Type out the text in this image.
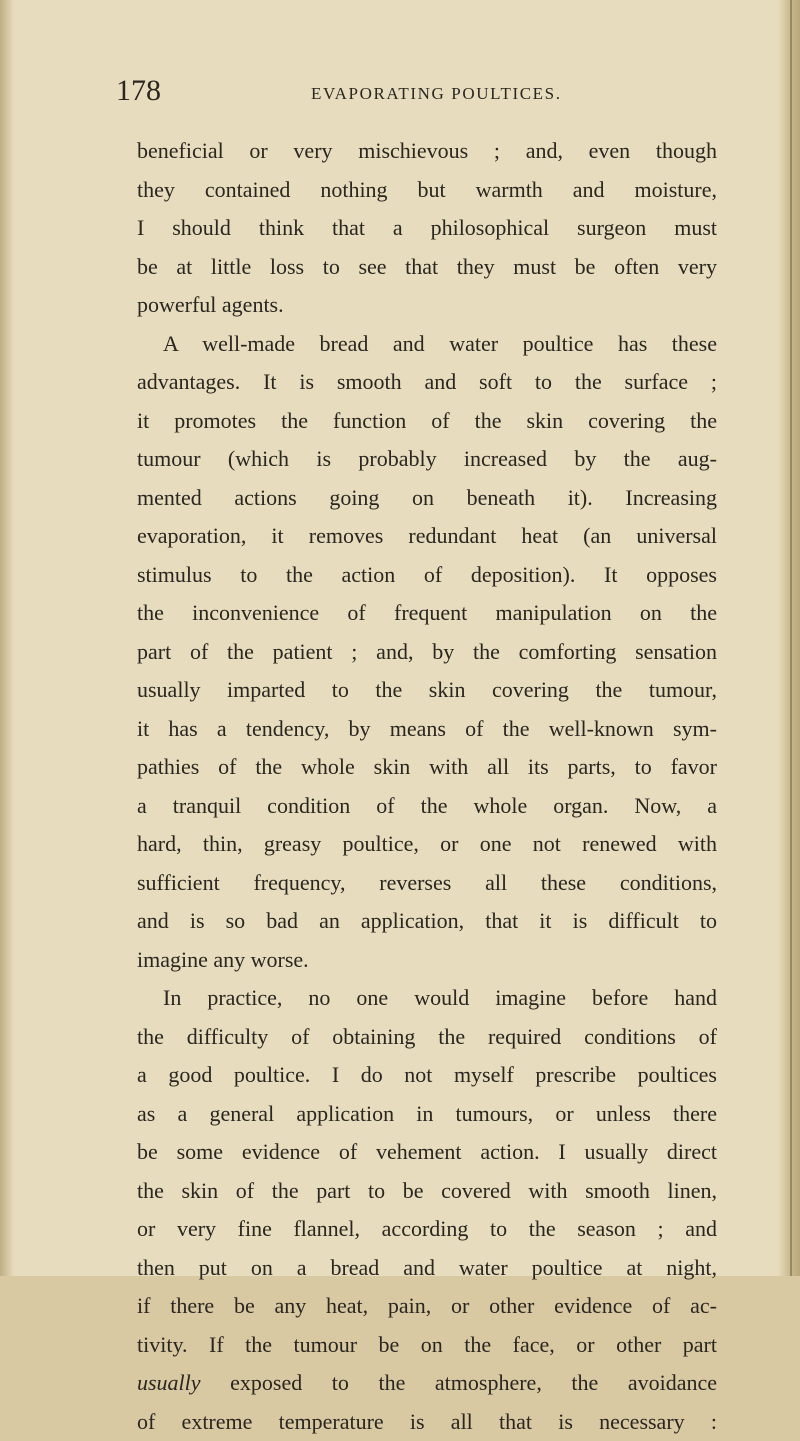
178	EVAPORATING POULTICES.
beneficial or very mischievous ; and, even though
they contained nothing but warmth and moisture,
I should think that a philosophical surgeon must
be at little loss to see that they must be often very
powerful agents.
A well-made bread and water poultice has these
advantages. It is smooth and soft to the surface ;
it promotes the function of the skin covering the
tumour (which is probably increased by the aug-
mented actions going on beneath it). Increasing
evaporation, it removes redundant heat (an universal
stimulus to the action of deposition). It opposes
the inconvenience of frequent manipulation on the
part of the patient ; and, by the comforting sensation
usually imparted to the skin covering the tumour,
it has a tendency, by means of the well-known sym-
pathies of the whole skin with all its parts, to favor
a tranquil condition of the whole organ. Now, a
hard, thin, greasy poultice, or one not renewed with
sufficient frequency, reverses all these conditions,
and is so bad an application, that it is difficult to
imagine any worse.
In practice, no one would imagine before hand
the difficulty of obtaining the required conditions of
a good poultice. I do not myself prescribe poultices
as a general application in tumours, or unless there
be some evidence of vehement action. I usually direct
the skin of the part to be covered with smooth linen,
or very fine flannel, according to the season ; and
then put on a bread and water poultice at night,
if there be any heat, pain, or other evidence of ac-
tivity. If the tumour be on the face, or other part
usually exposed to the atmosphere, the avoidance
of extreme temperature is all that is necessary :
